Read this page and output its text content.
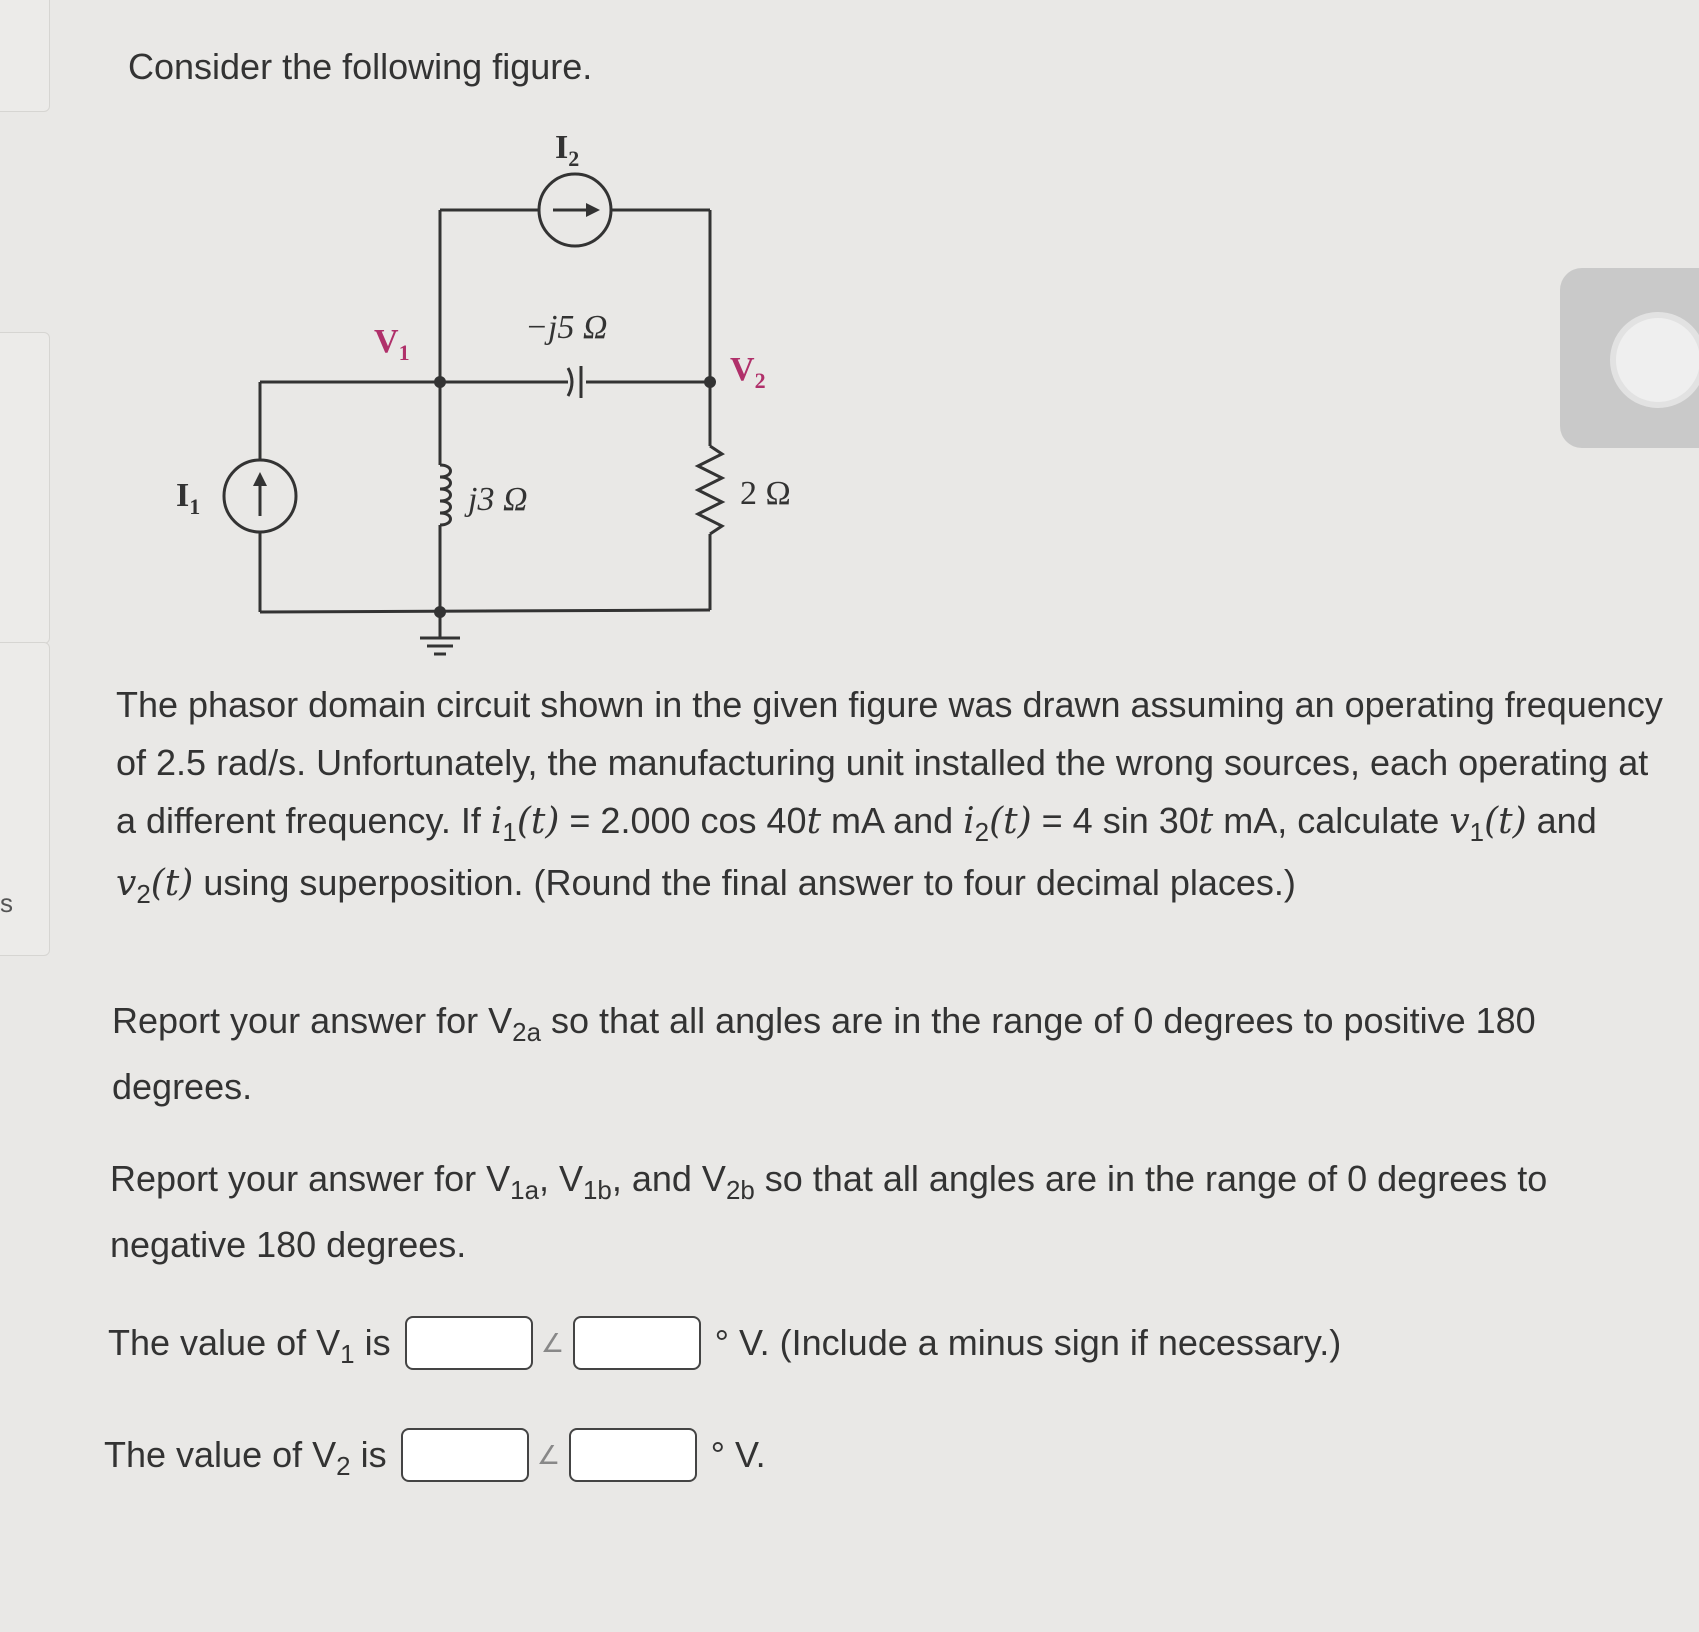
s
Consider the following figure.
$I_2$
$I_1$
$V_1$	$V_2$
−j5 Ω
j3 Ω	2 Ω

The phasor domain circuit shown in the given figure was drawn assuming an operating frequency of 2.5 rad/s. Unfortunately, the manufacturing unit installed the wrong sources, each operating at a different frequency. If $i_1(t) = 2.000$ cos 40t mA and $i_2(t) = 4$ sin 30t mA, calculate $v_1(t)$ and $v_2(t)$ using superposition. (Round the final answer to four decimal places.)

Report your answer for $V_{2a}$ so that all angles are in the range of 0 degrees to positive 180 degrees.

Report your answer for $V_{1a}$, $V_{1b}$, and $V_{2b}$ so that all angles are in the range of 0 degrees to negative 180 degrees.

The value of $V_1$ is	∠	° V. (Include a minus sign if necessary.)
The value of $V_2$ is	∠	° V.
